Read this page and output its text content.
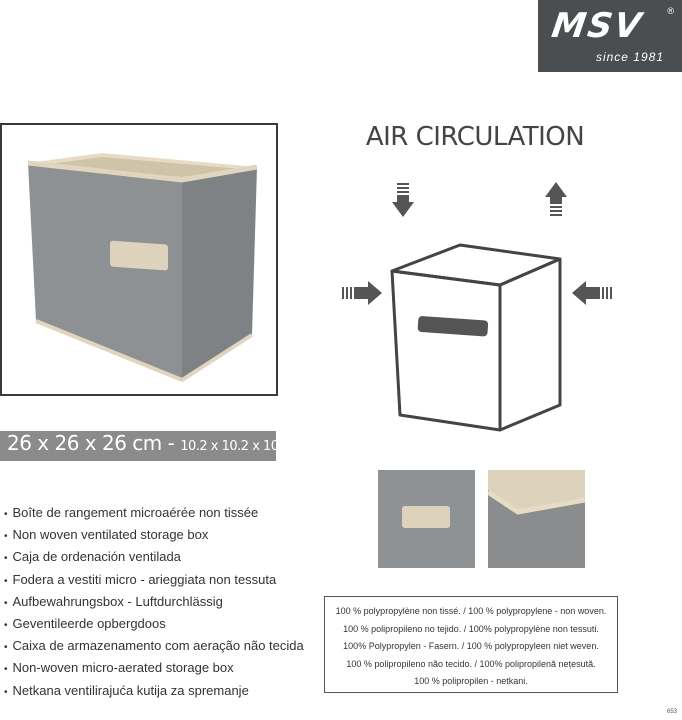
MSV ®
since 1981
26 x 26 x 26 cm - 10.2 x 10.2 x 10.2 "
AIR CIRCULATION
• Boîte de rangement microaérée non tissée
• Non woven ventilated storage box
• Caja de ordenación ventilada
• Fodera a vestiti micro - arieggiata non tessuta
• Aufbewahrungsbox - Luftdurchlässig
• Geventileerde opbergdoos
• Caixa de armazenamento com aeração não tecida
• Non-woven micro-aerated storage box
• Netkana ventilirajuća kutija za spremanje
100 % polypropylène non tissé. / 100 % polypropylene - non woven.
100 % polipropileno no tejido. / 100% polypropylène non tessuti.
100% Polypropylen - Fasern. / 100 % polypropyleen niet weven.
100 % polipropileno não tecido. / 100% polipropilenă nețesută.
100 % polipropilen - netkani.
653
